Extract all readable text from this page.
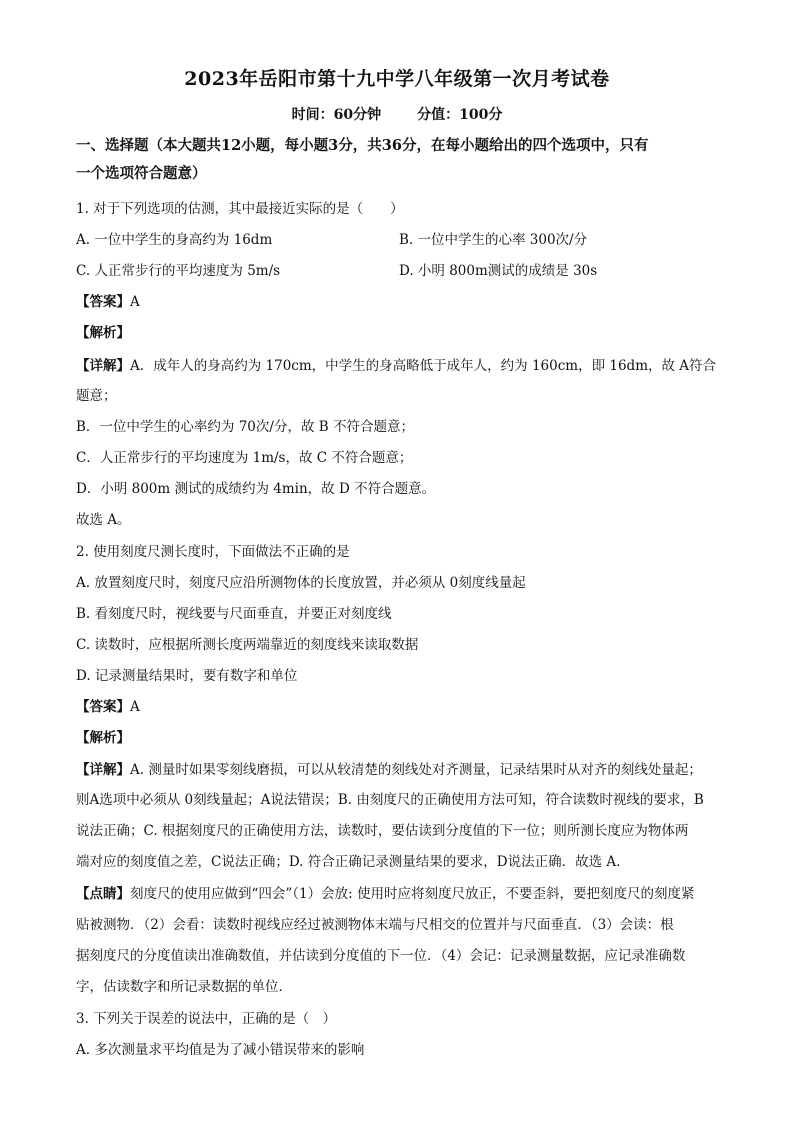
2023年岳阳市第十九中学八年级第一次月考试卷
时间：60分钟	分值：100分
一、选择题（本大题共12小题，每小题3分，共36分，在每小题给出的四个选项中，只有
一个选项符合题意）
1. 对于下列选项的估测，其中最接近实际的是（　　）
A. 一位中学生的身高约为 16dm	B. 一位中学生的心率 300次/分
C. 人正常步行的平均速度为 5m/s	D. 小明 800m测试的成绩是 30s
【答案】A
【解析】
【详解】A．成年人的身高约为 170cm，中学生的身高略低于成年人，约为 160cm，即 16dm，故 A符合
题意；
B．一位中学生的心率约为 70次/分，故 B 不符合题意；
C．人正常步行的平均速度为 1m/s，故 C 不符合题意；
D．小明 800m 测试的成绩约为 4min，故 D 不符合题意。
故选 A。
2. 使用刻度尺测长度时，下面做法不正确的是
A. 放置刻度尺时，刻度尺应沿所测物体的长度放置，并必须从 0刻度线量起
B. 看刻度尺时，视线要与尺面垂直，并要正对刻度线
C. 读数时，应根据所测长度两端靠近的刻度线来读取数据
D. 记录测量结果时，要有数字和单位
【答案】A
【解析】
【详解】A. 测量时如果零刻线磨损，可以从较清楚的刻线处对齐测量，记录结果时从对齐的刻线处量起；
则A选项中必须从 0刻线量起；A说法错误；B. 由刻度尺的正确使用方法可知，符合读数时视线的要求，B
说法正确；C. 根据刻度尺的正确使用方法，读数时，要估读到分度值的下一位；则所测长度应为物体两
端对应的刻度值之差，C说法正确；D. 符合正确记录测量结果的要求，D说法正确．故选 A.
【点睛】刻度尺的使用应做到“四会”（1）会放: 使用时应将刻度尺放正，不要歪斜，要把刻度尺的刻度紧
贴被测物．（2）会看：读数时视线应经过被测物体末端与尺相交的位置并与尺面垂直．（3）会读：根
据刻度尺的分度值读出准确数值，并估读到分度值的下一位．（4）会记：记录测量数据，应记录准确数
字，估读数字和所记录数据的单位．
3. 下列关于误差的说法中，正确的是（　）
A. 多次测量求平均值是为了减小错误带来的影响
